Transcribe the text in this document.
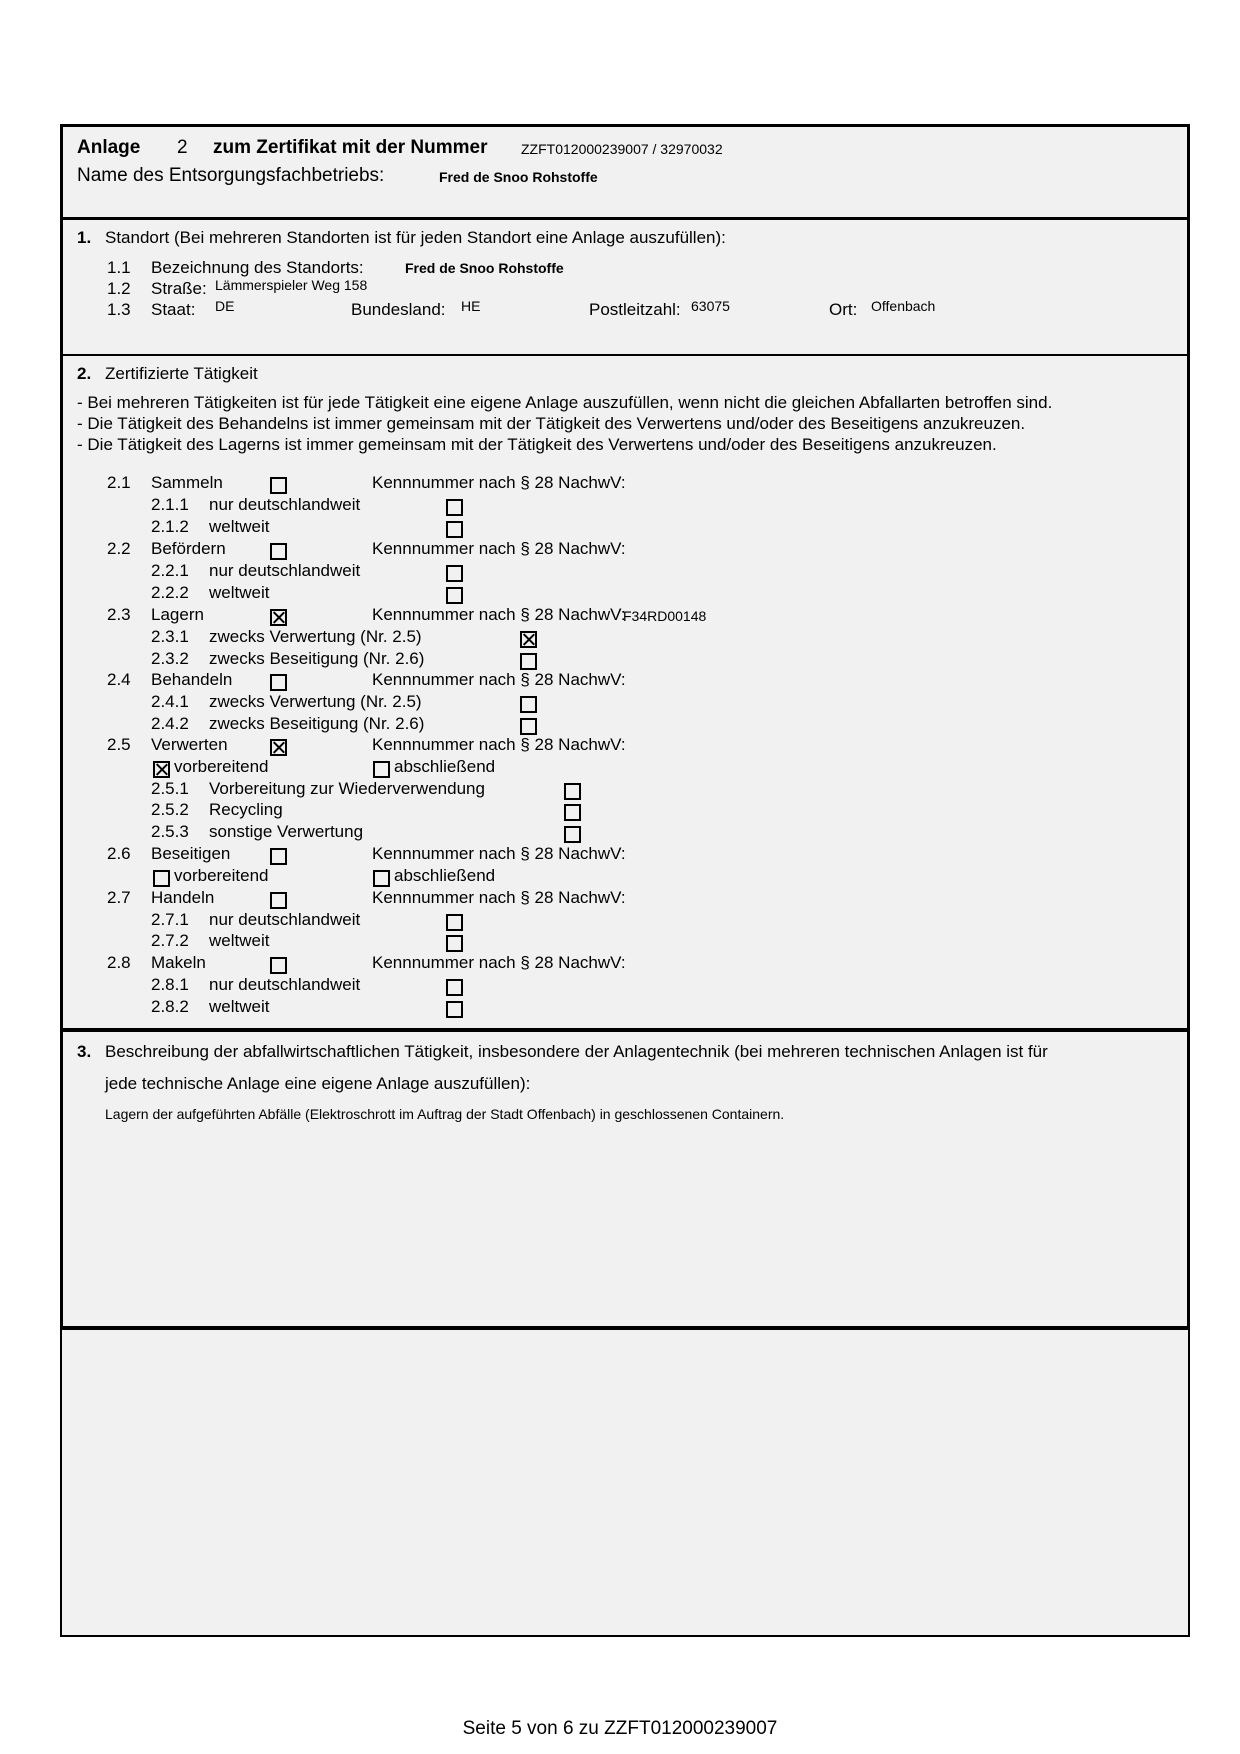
Anlage 2 zum Zertifikat mit der Nummer ZZFT012000239007 / 32970032
Name des Entsorgungsfachbetriebs:	Fred de Snoo Rohstoffe
1. Standort (Bei mehreren Standorten ist für jeden Standort eine Anlage auszufüllen):
1.1 Bezeichnung des Standorts:	Fred de Snoo Rohstoffe
1.2 Straße: Lämmerspieler Weg 158
1.3 Staat: DE	Bundesland: HE	Postleitzahl: 63075	Ort: Offenbach
2. Zertifizierte Tätigkeit
- Bei mehreren Tätigkeiten ist für jede Tätigkeit eine eigene Anlage auszufüllen, wenn nicht die gleichen Abfallarten betroffen sind.
- Die Tätigkeit des Behandelns ist immer gemeinsam mit der Tätigkeit des Verwertens und/oder des Beseitigens anzukreuzen.
- Die Tätigkeit des Lagerns ist immer gemeinsam mit der Tätigkeit des Verwertens und/oder des Beseitigens anzukreuzen.
2.1 Sammeln	Kennnummer nach § 28 NachwV:
2.1.1 nur deutschlandweit
2.1.2 weltweit
2.2 Befördern	Kennnummer nach § 28 NachwV:
2.2.1 nur deutschlandweit
2.2.2 weltweit
2.3 Lagern	Kennnummer nach § 28 NachwV:
F34RD00148
2.3.1 zwecks Verwertung (Nr. 2.5)
2.3.2 zwecks Beseitigung (Nr. 2.6)
2.4 Behandeln	Kennnummer nach § 28 NachwV:
2.4.1 zwecks Verwertung (Nr. 2.5)
2.4.2 zwecks Beseitigung (Nr. 2.6)
2.5 Verwerten	Kennnummer nach § 28 NachwV:
vorbereitend	abschließend
2.5.1 Vorbereitung zur Wiederverwendung
2.5.2 Recycling
2.5.3 sonstige Verwertung
2.6 Beseitigen	Kennnummer nach § 28 NachwV:
vorbereitend	abschließend
2.7 Handeln	Kennnummer nach § 28 NachwV:
2.7.1 nur deutschlandweit
2.7.2 weltweit
2.8 Makeln	Kennnummer nach § 28 NachwV:
2.8.1 nur deutschlandweit
2.8.2 weltweit
3. Beschreibung der abfallwirtschaftlichen Tätigkeit, insbesondere der Anlagentechnik (bei mehreren technischen Anlagen ist für
jede technische Anlage eine eigene Anlage auszufüllen):
Lagern der aufgeführten Abfälle (Elektroschrott im Auftrag der Stadt Offenbach) in geschlossenen Containern.
Seite 5 von 6 zu ZZFT012000239007
